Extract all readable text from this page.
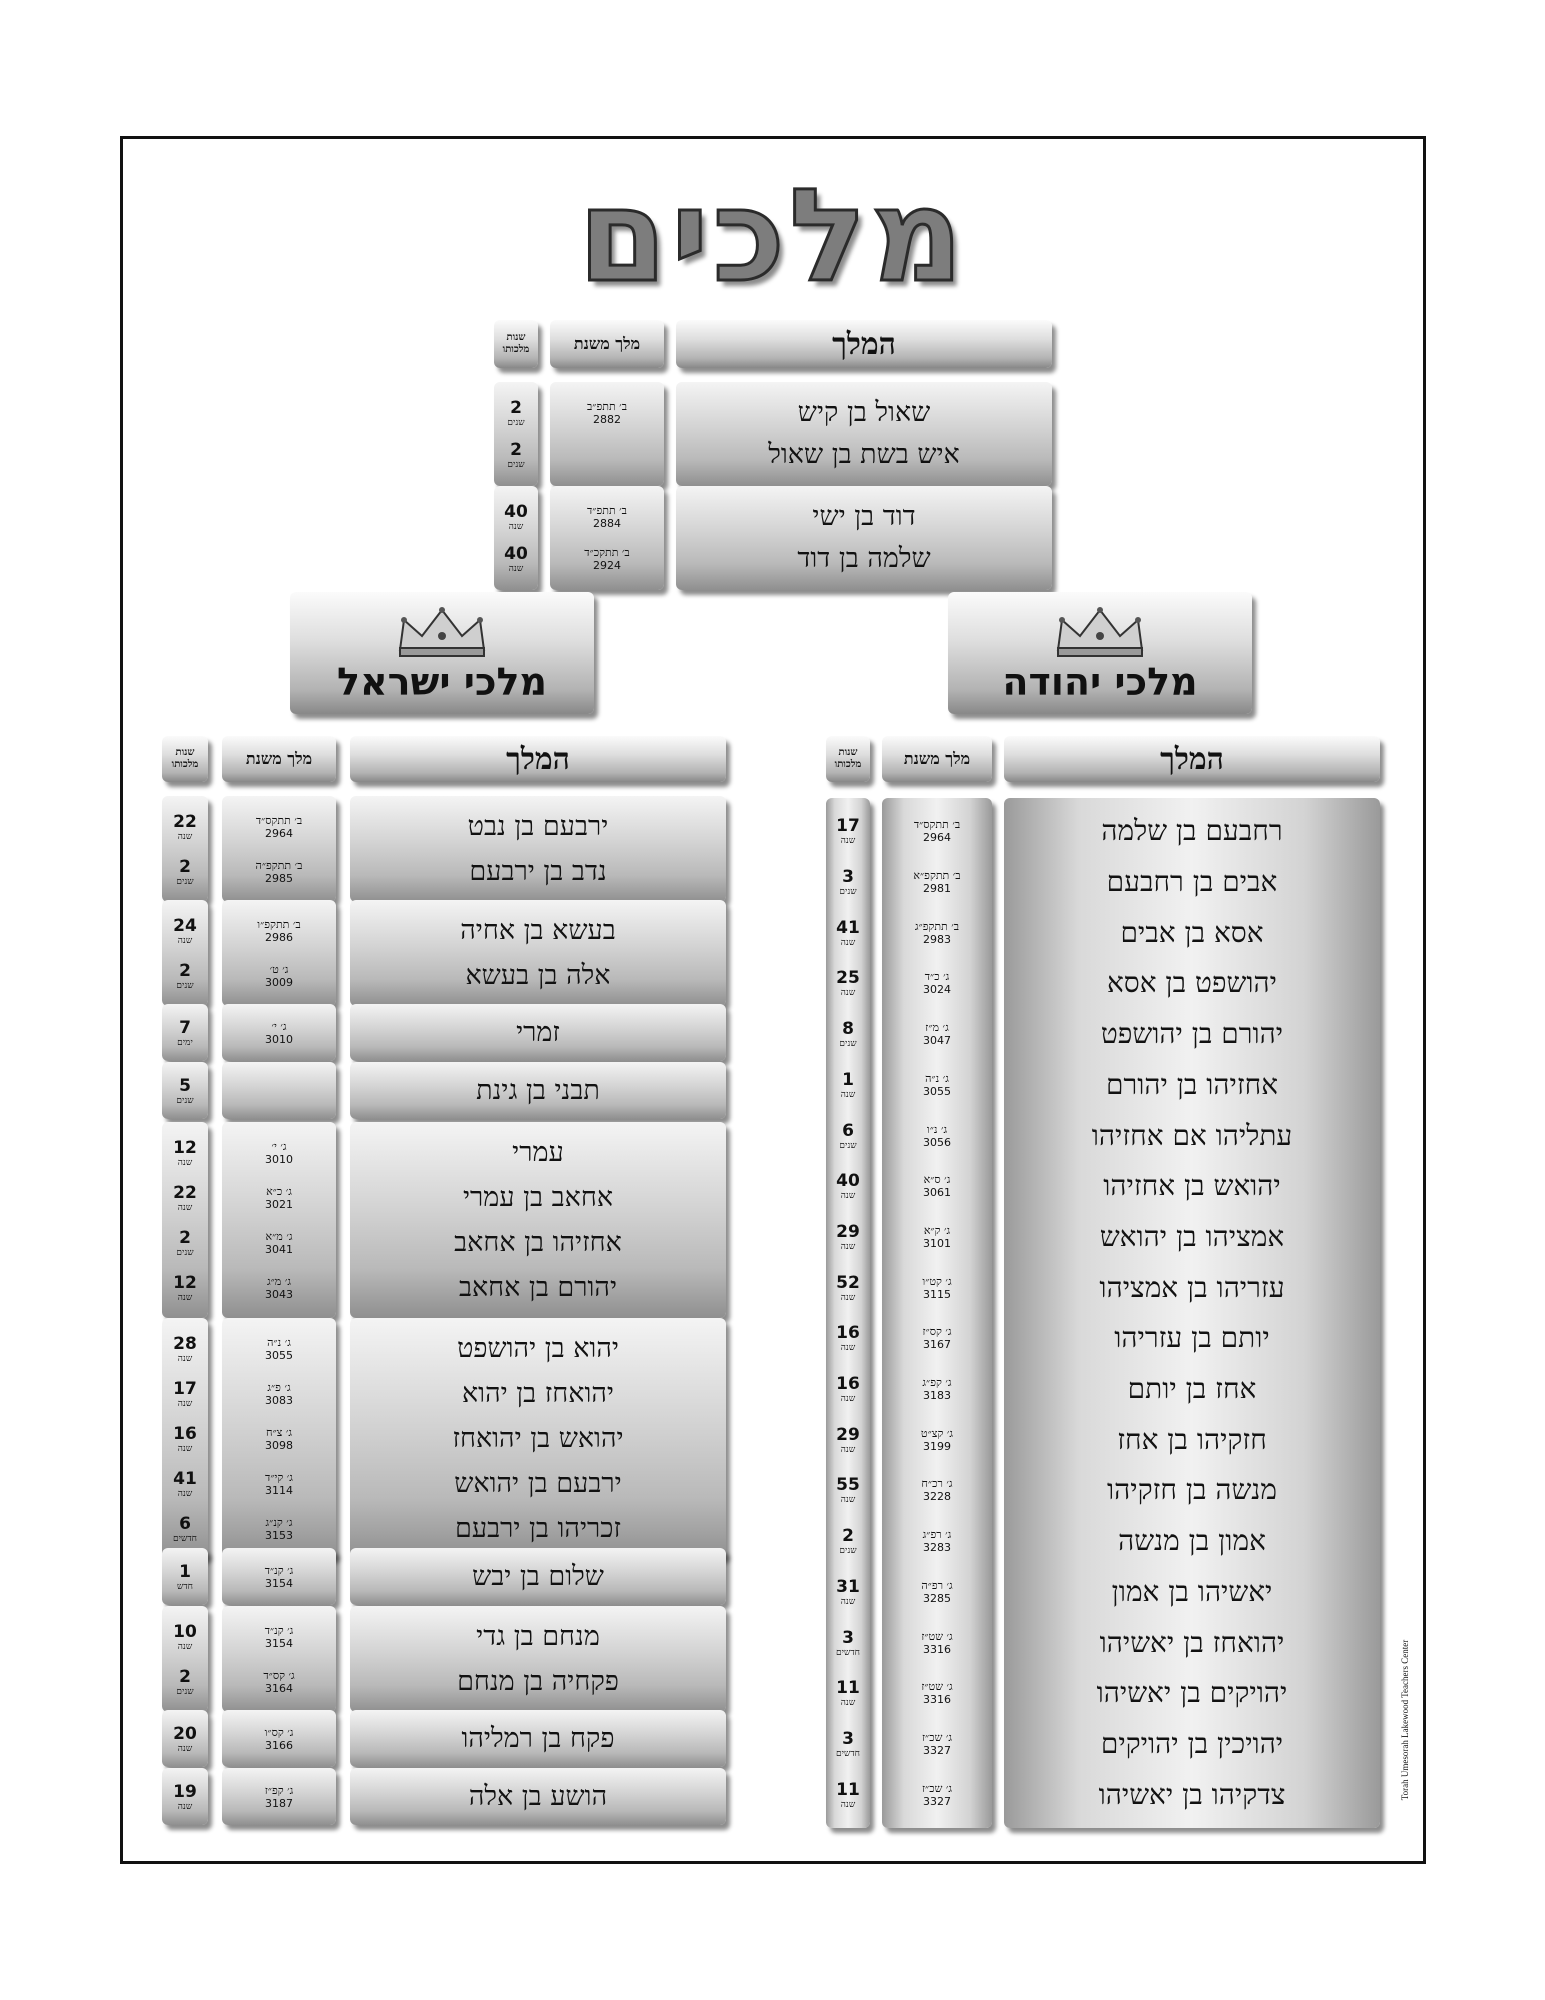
מלכים
המלך
מלך משנת
שנות
מלכותו
שאול בן קיש
איש בשת בן שאול
ב׳ תתפ״ב
2882
2
שנים
2
שנים
דוד בן ישי
שלמה בן דוד
ב׳ תתפ״ד
2884
ב׳ תתקכ״ד
2924
40
שנה
40
שנה
מלכי ישראל	מלכי יהודה
המלך
מלך משנת
שנות
מלכותו	המלך
מלך משנת
שנות
מלכותו
ירבעם בן נבט
נדב בן ירבעם
ב׳ תתקס״ד
2964
ב׳ תתקפ״ה
2985
22
שנה
2
שנים
בעשא בן אחיה
אלה בן בעשא
ב׳ תתקפ״ו
2986
ג׳ ט׳
3009
24
שנה
2
שנים
זמרי
ג׳ י׳
3010
7
ימים
תבני בן גינת
5
שנים
עמרי
אחאב בן עמרי
אחזיהו בן אחאב
יהורם בן אחאב
ג׳ י׳
3010
ג׳ כ״א
3021
ג׳ מ״א
3041
ג׳ מ״ג
3043
12
שנה
22
שנה
2
שנים
12
שנה
יהוא בן יהושפט
יהואחז בן יהוא
יהואש בן יהואחז
ירבעם בן יהואש
זכריהו בן ירבעם
ג׳ נ״ה
3055
ג׳ פ״ג
3083
ג׳ צ״ח
3098
ג׳ קי״ד
3114
ג׳ קנ״ג
3153
28
שנה
17
שנה
16
שנה
41
שנה
6
חדשים
שלום בן יבש
ג׳ קנ״ד
3154
1
חדש
מנחם בן גדי
פקחיה בן מנחם
ג׳ קנ״ד
3154
ג׳ קס״ד
3164
10
שנה
2
שנים
פקח בן רמליהו
ג׳ קס״ו
3166
20
שנה
הושע בן אלה
ג׳ קפ״ז
3187
19
שנה
רחבעם בן שלמה
אבים בן רחבעם
אסא בן אבים
יהושפט בן אסא
יהורם בן יהושפט
אחזיהו בן יהורם
עתליהו אם אחזיהו
יהואש בן אחזיהו
אמציהו בן יהואש
עזריהו בן אמציהו
יותם בן עזריהו
אחז בן יותם
חזקיהו בן אחז
מנשה בן חזקיהו
אמון בן מנשה
יאשיהו בן אמון
יהואחז בן יאשיהו
יהויקים בן יאשיהו
יהויכין בן יהויקים
צדקיהו בן יאשיהו
ב׳ תתקס״ד
2964
ב׳ תתקפ״א
2981
ב׳ תתקפ״ג
2983
ג׳ כ״ד
3024
ג׳ מ״ז
3047
ג׳ נ״ה
3055
ג׳ נ״ו
3056
ג׳ ס״א
3061
ג׳ ק״א
3101
ג׳ קט״ו
3115
ג׳ קס״ז
3167
ג׳ קפ״ג
3183
ג׳ קצ״ט
3199
ג׳ רכ״ח
3228
ג׳ רפ״ג
3283
ג׳ רפ״ה
3285
ג׳ שט״ז
3316
ג׳ שט״ז
3316
ג׳ שכ״ז
3327
ג׳ שכ״ז
3327
17
שנה
3
שנים
41
שנה
25
שנה
8
שנים
1
שנה
6
שנים
40
שנה
29
שנה
52
שנה
16
שנה
16
שנה
29
שנה
55
שנה
2
שנים
31
שנה
3
חדשים
11
שנה
3
חדשים
11
שנה
Torah Umesorah Lakewood Teachers Center
